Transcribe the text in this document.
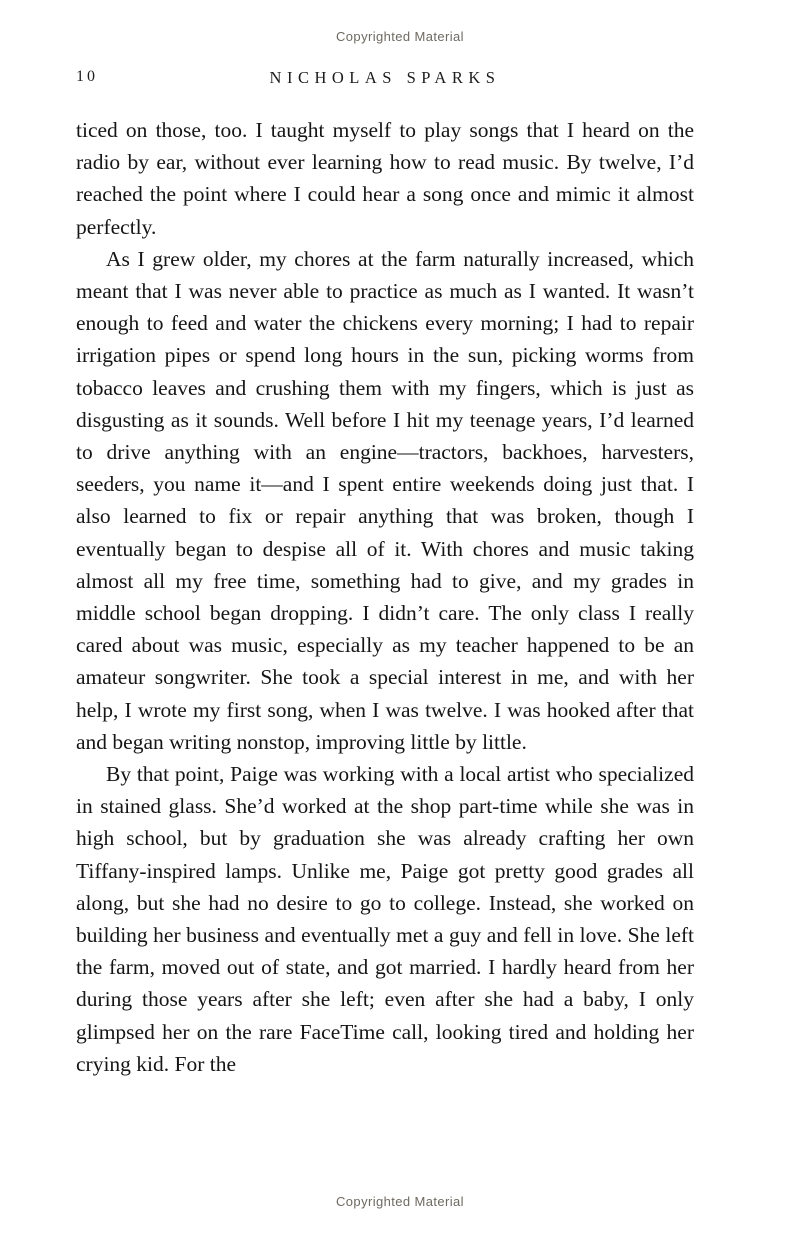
Copyrighted Material
10	NICHOLAS SPARKS

ticed on those, too. I taught myself to play songs that I heard on the radio by ear, without ever learning how to read music. By twelve, I’d reached the point where I could hear a song once and mimic it almost perfectly.

As I grew older, my chores at the farm naturally increased, which meant that I was never able to practice as much as I wanted. It wasn’t enough to feed and water the chickens every morning; I had to repair irrigation pipes or spend long hours in the sun, picking worms from tobacco leaves and crushing them with my fingers, which is just as disgusting as it sounds. Well before I hit my teenage years, I’d learned to drive anything with an engine—tractors, backhoes, harvesters, seeders, you name it—and I spent entire weekends doing just that. I also learned to fix or repair anything that was broken, though I eventually began to despise all of it. With chores and music taking almost all my free time, something had to give, and my grades in middle school began dropping. I didn’t care. The only class I really cared about was music, especially as my teacher happened to be an amateur songwriter. She took a special interest in me, and with her help, I wrote my first song, when I was twelve. I was hooked after that and began writing nonstop, improving little by little.

By that point, Paige was working with a local artist who specialized in stained glass. She’d worked at the shop part-time while she was in high school, but by graduation she was already crafting her own Tiffany-inspired lamps. Unlike me, Paige got pretty good grades all along, but she had no desire to go to college. Instead, she worked on building her business and eventually met a guy and fell in love. She left the farm, moved out of state, and got married. I hardly heard from her during those years after she left; even after she had a baby, I only glimpsed her on the rare FaceTime call, looking tired and holding her crying kid. For the

Copyrighted Material
